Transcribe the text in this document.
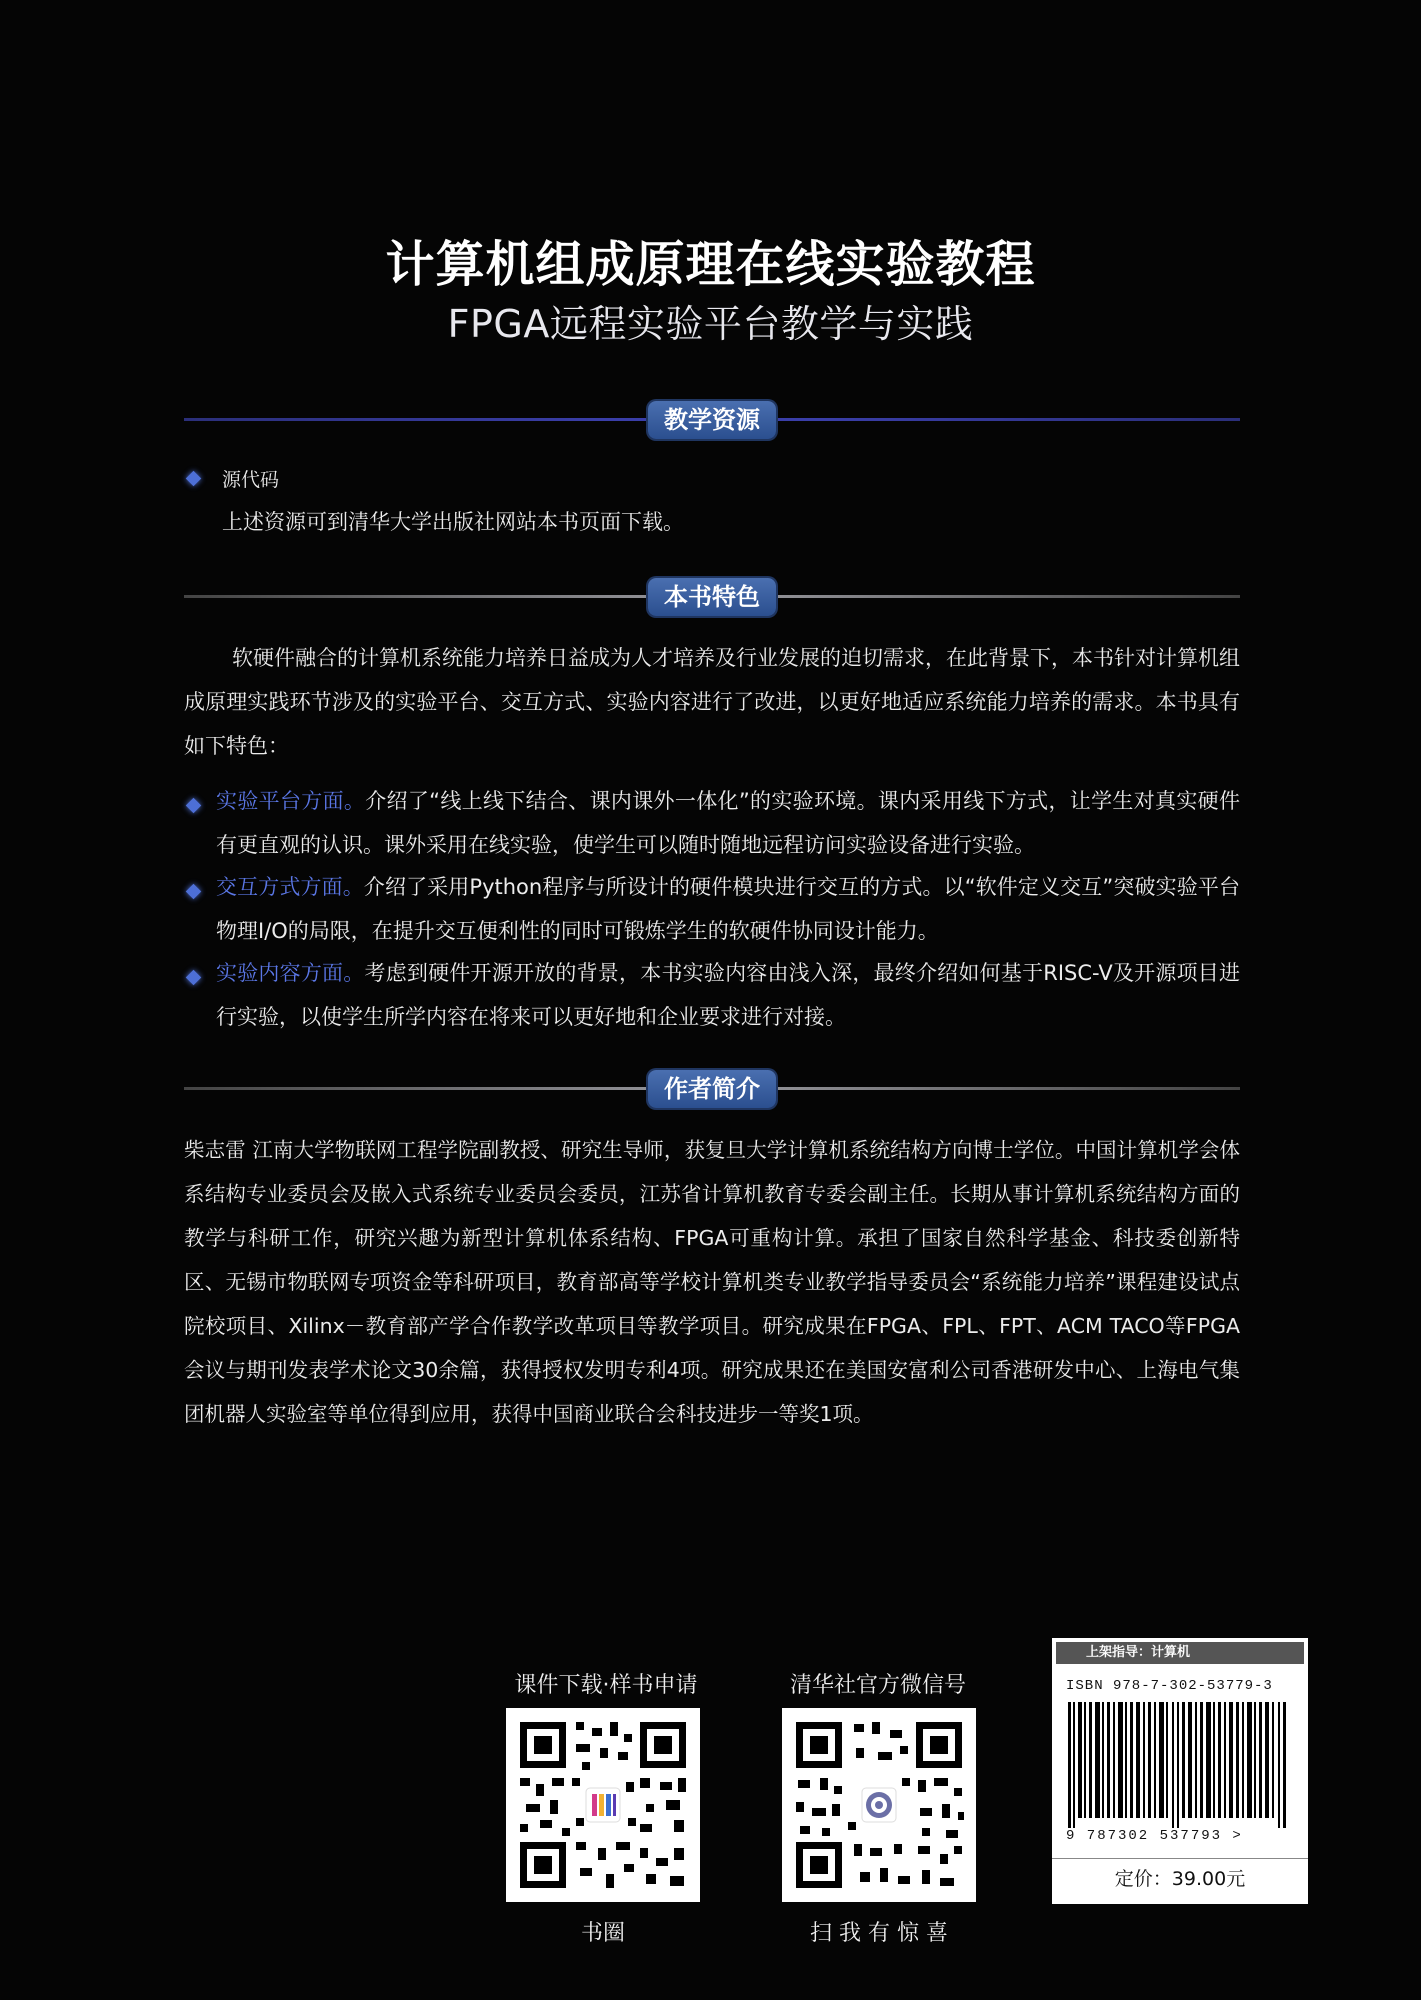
计算机组成原理在线实验教程
FPGA远程实验平台教学与实践
教学资源
源代码
上述资源可到清华大学出版社网站本书页面下载。
本书特色
软硬件融合的计算机系统能力培养日益成为人才培养及行业发展的迫切需求，在此背景下，本书针对计算机组成原理实践环节涉及的实验平台、交互方式、实验内容进行了改进，以更好地适应系统能力培养的需求。本书具有如下特色：
实验平台方面。介绍了“线上线下结合、课内课外一体化”的实验环境。课内采用线下方式，让学生对真实硬件有更直观的认识。课外采用在线实验，使学生可以随时随地远程访问实验设备进行实验。
交互方式方面。介绍了采用Python程序与所设计的硬件模块进行交互的方式。以“软件定义交互”突破实验平台物理I/O的局限，在提升交互便利性的同时可锻炼学生的软硬件协同设计能力。
实验内容方面。考虑到硬件开源开放的背景，本书实验内容由浅入深，最终介绍如何基于RISC-V及开源项目进行实验，以使学生所学内容在将来可以更好地和企业要求进行对接。
作者简介
柴志雷 江南大学物联网工程学院副教授、研究生导师，获复旦大学计算机系统结构方向博士学位。中国计算机学会体系结构专业委员会及嵌入式系统专业委员会委员，江苏省计算机教育专委会副主任。长期从事计算机系统结构方面的教学与科研工作，研究兴趣为新型计算机体系结构、FPGA可重构计算。承担了国家自然科学基金、科技委创新特区、无锡市物联网专项资金等科研项目，教育部高等学校计算机类专业教学指导委员会“系统能力培养”课程建设试点院校项目、Xilinx－教育部产学合作教学改革项目等教学项目。研究成果在FPGA、FPL、FPT、ACM TACO等FPGA会议与期刊发表学术论文30余篇，获得授权发明专利4项。研究成果还在美国安富利公司香港研发中心、上海电气集团机器人实验室等单位得到应用，获得中国商业联合会科技进步一等奖1项。
课件下载·样书申请
书圈
清华社官方微信号
扫 我 有 惊 喜
上架指导：计算机
ISBN 978-7-302-53779-3
9 787302 537793 >
定价：39.00元
